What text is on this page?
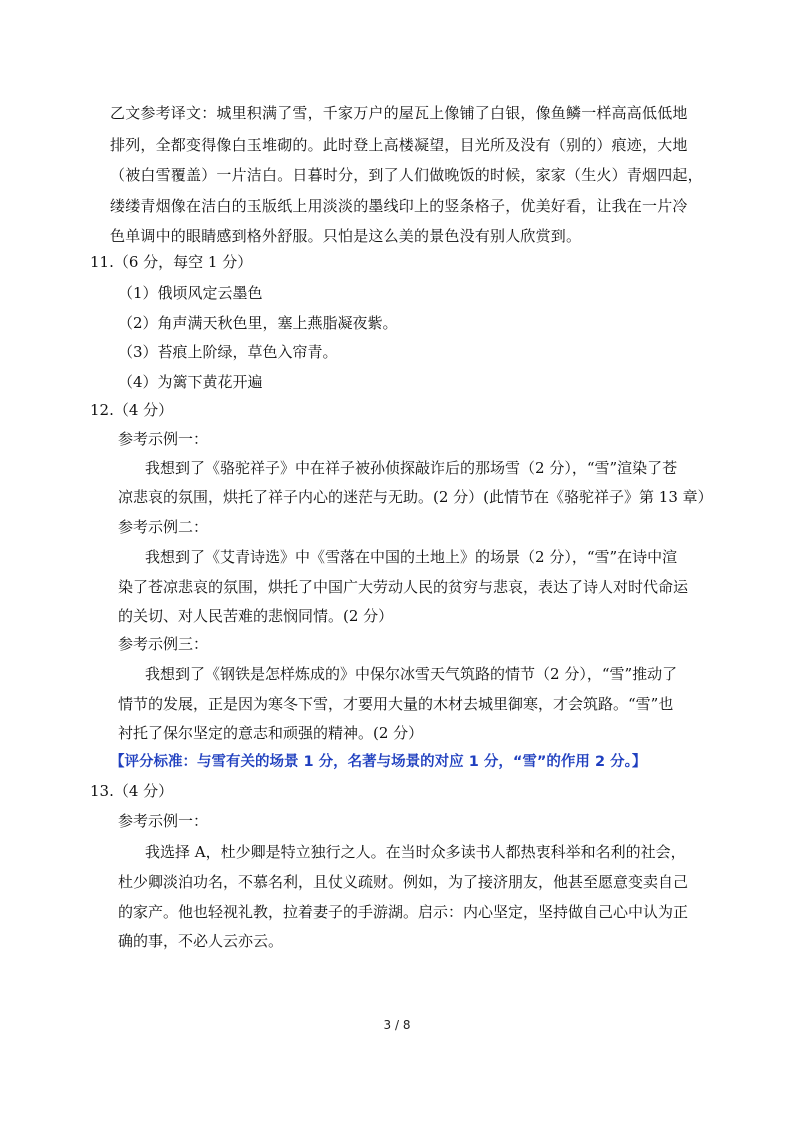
乙文参考译文：城里积满了雪，千家万户的屋瓦上像铺了白银，像鱼鳞一样高高低低地
排列，全都变得像白玉堆砌的。此时登上高楼凝望，目光所及没有（别的）痕迹，大地
（被白雪覆盖）一片洁白。日暮时分，到了人们做晚饭的时候，家家（生火）青烟四起，
缕缕青烟像在洁白的玉版纸上用淡淡的墨线印上的竖条格子，优美好看，让我在一片冷
色单调中的眼睛感到格外舒服。只怕是这么美的景色没有别人欣赏到。
11.（6 分，每空 1 分）
（1）俄顷风定云墨色
（2）角声满天秋色里，塞上燕脂凝夜紫。
（3）苔痕上阶绿，草色入帘青。
（4）为篱下黄花开遍
12.（4 分）
参考示例一：
我想到了《骆驼祥子》中在祥子被孙侦探敲诈后的那场雪（2 分），“雪”渲染了苍
凉悲哀的氛围，烘托了祥子内心的迷茫与无助。(2 分）(此情节在《骆驼祥子》第 13 章）
参考示例二：
我想到了《艾青诗选》中《雪落在中国的土地上》的场景（2 分），“雪”在诗中渲
染了苍凉悲哀的氛围，烘托了中国广大劳动人民的贫穷与悲哀，表达了诗人对时代命运
的关切、对人民苦难的悲悯同情。(2 分）
参考示例三：
我想到了《钢铁是怎样炼成的》中保尔冰雪天气筑路的情节（2 分），“雪”推动了
情节的发展，正是因为寒冬下雪，才要用大量的木材去城里御寒，才会筑路。“雪”也
衬托了保尔坚定的意志和顽强的精神。(2 分）
【评分标准：与雪有关的场景 1 分，名著与场景的对应 1 分，“雪”的作用 2 分。】
13.（4 分）
参考示例一：
我选择 A，杜少卿是特立独行之人。在当时众多读书人都热衷科举和名利的社会，
杜少卿淡泊功名，不慕名利，且仗义疏财。例如，为了接济朋友，他甚至愿意变卖自己
的家产。他也轻视礼教，拉着妻子的手游湖。启示：内心坚定，坚持做自己心中认为正
确的事，不必人云亦云。
3 / 8
